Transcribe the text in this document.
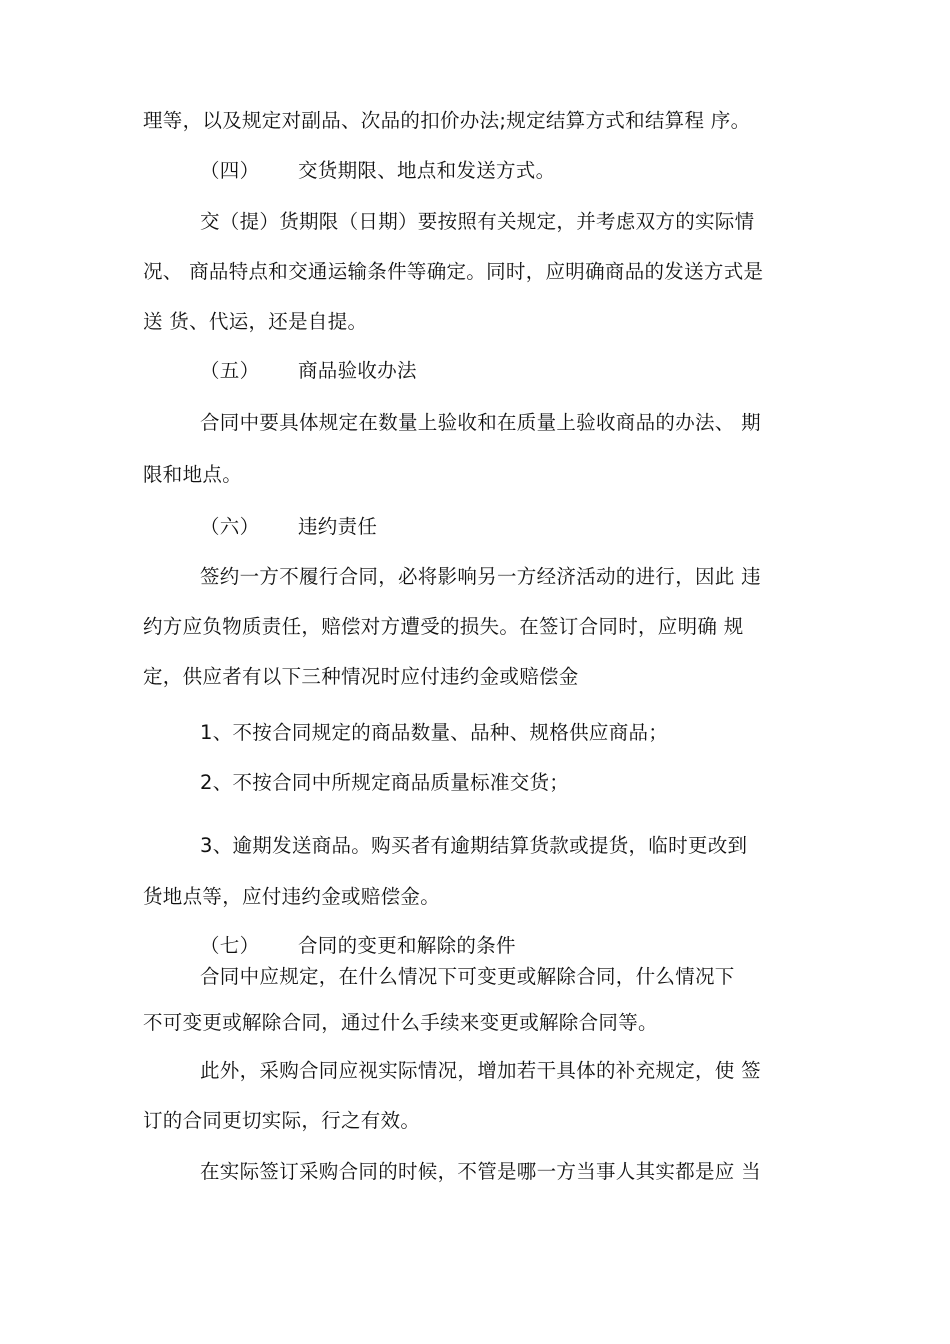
理等，以及规定对副品、次品的扣价办法;规定结算方式和结算程 序。
（四） 交货期限、地点和发送方式。
交（提）货期限（日期）要按照有关规定，并考虑双方的实际情
况、 商品特点和交通运输条件等确定。同时，应明确商品的发送方式是
送 货、代运，还是自提。
（五） 商品验收办法
合同中要具体规定在数量上验收和在质量上验收商品的办法、 期
限和地点。
（六） 违约责任
签约一方不履行合同，必将影响另一方经济活动的进行，因此 违
约方应负物质责任，赔偿对方遭受的损失。在签订合同时，应明确 规
定，供应者有以下三种情况时应付违约金或赔偿金
1、不按合同规定的商品数量、品种、规格供应商品；
2、不按合同中所规定商品质量标准交货；
3、逾期发送商品。购买者有逾期结算货款或提货，临时更改到
货地点等，应付违约金或赔偿金。
（七） 合同的变更和解除的条件
合同中应规定，在什么情况下可变更或解除合同，什么情况下
不可变更或解除合同，通过什么手续来变更或解除合同等。
此外，采购合同应视实际情况，增加若干具体的补充规定，使 签
订的合同更切实际，行之有效。
在实际签订采购合同的时候，不管是哪一方当事人其实都是应 当
